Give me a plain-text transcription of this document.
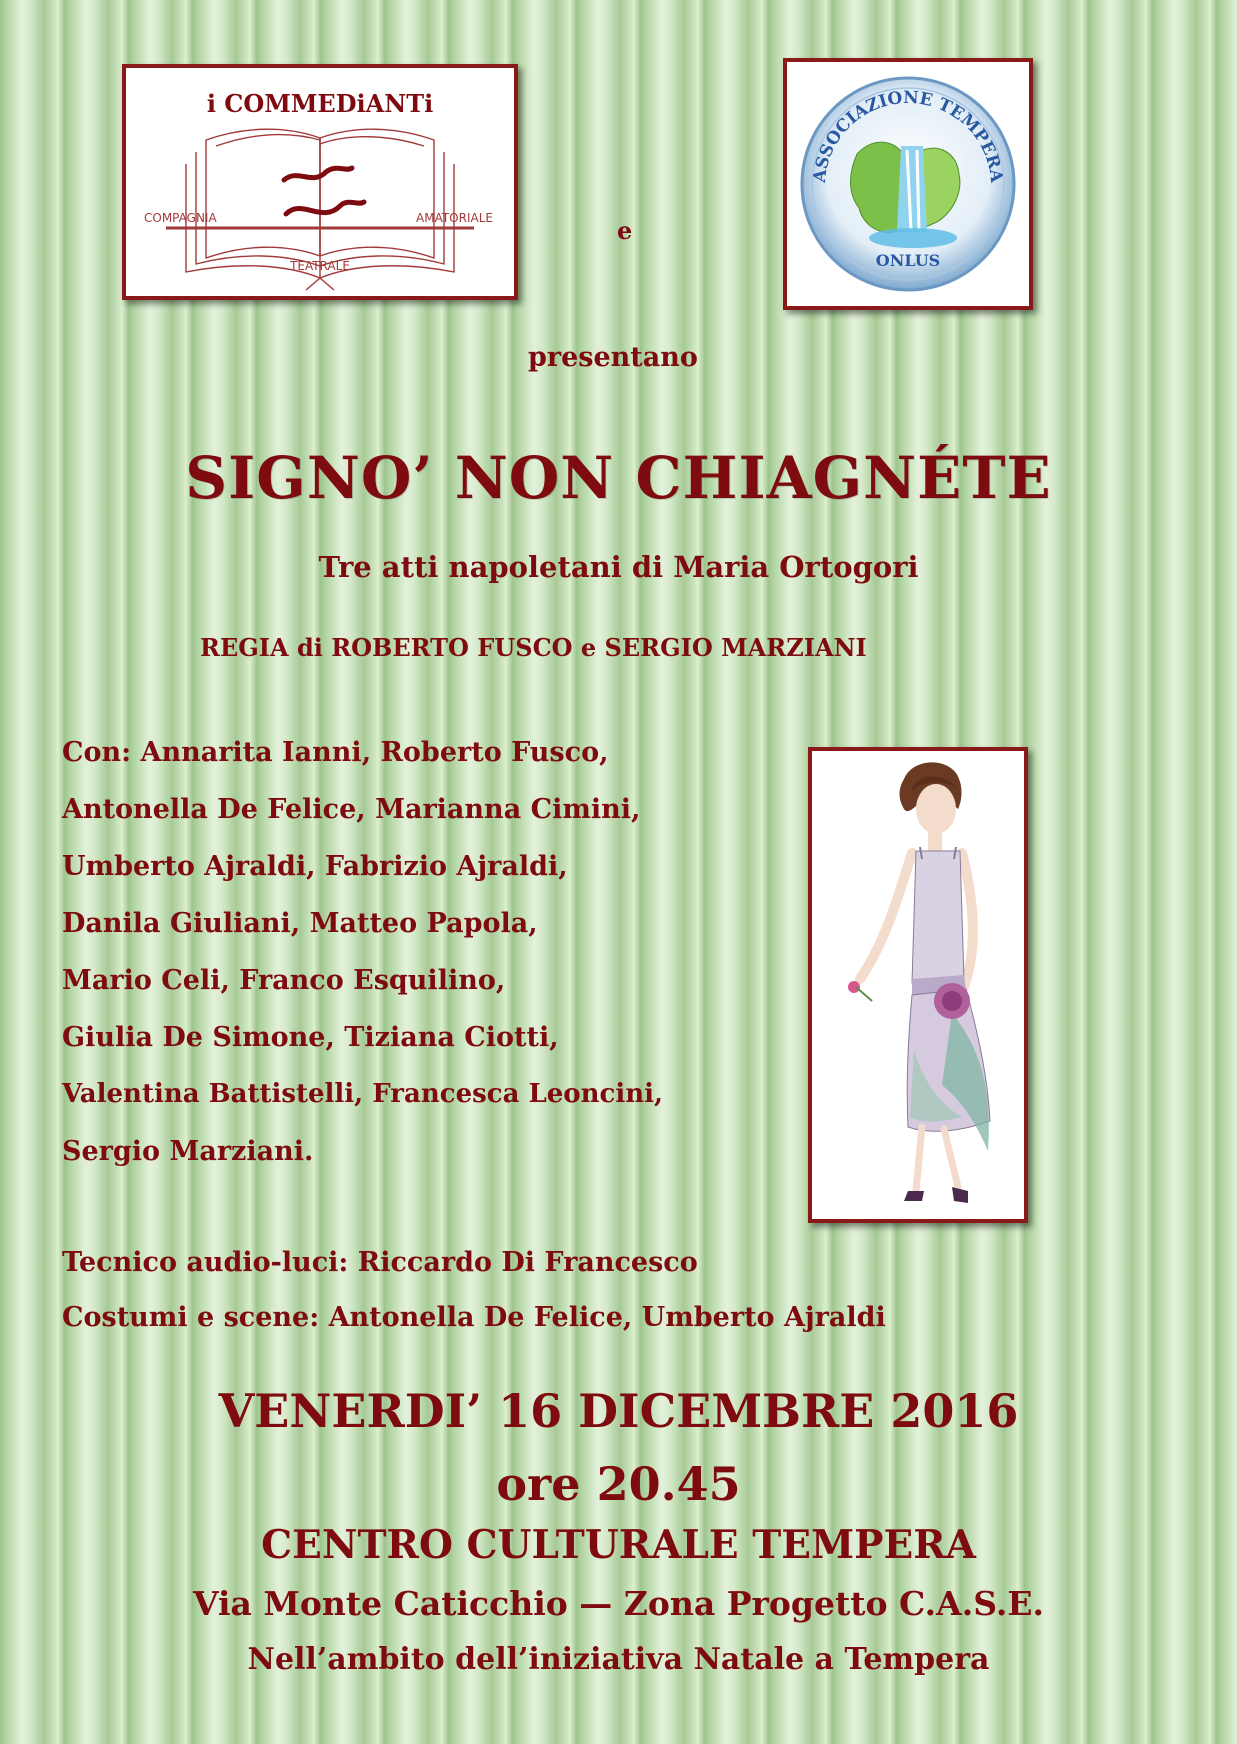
i COMMEDiANTi
COMPAGNIA	AMATORIALE
TEATRALE
e
ASSOCIAZIONE TEMPERA
ONLUS
presentano
SIGNO’ NON CHIAGNÉTE
Tre atti napoletani di Maria Ortogori
REGIA di ROBERTO FUSCO e SERGIO MARZIANI
Con: Annarita Ianni, Roberto Fusco,
Antonella De Felice, Marianna Cimini,
Umberto Ajraldi, Fabrizio Ajraldi,
Danila Giuliani, Matteo Papola,
Mario Celi, Franco Esquilino,
Giulia De Simone, Tiziana Ciotti,
Valentina Battistelli, Francesca Leoncini,
Sergio Marziani.
Tecnico audio-luci: Riccardo Di Francesco
Costumi e scene: Antonella De Felice, Umberto Ajraldi
VENERDI’ 16 DICEMBRE 2016
ore 20.45
CENTRO CULTURALE TEMPERA
Via Monte Caticchio — Zona Progetto C.A.S.E.
Nell’ambito dell’iniziativa Natale a Tempera
